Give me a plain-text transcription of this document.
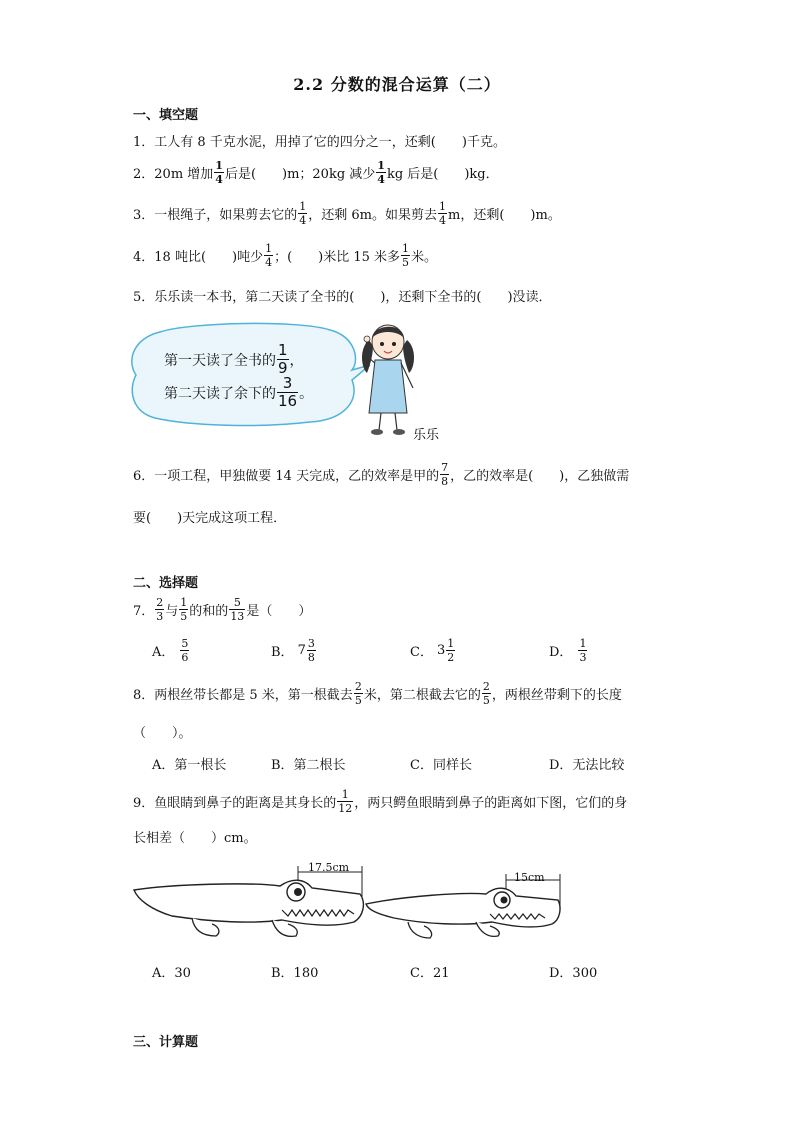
2.2 分数的混合运算（二）
一、填空题
1．工人有 8 千克水泥，用掉了它的四分之一，还剩(　　)千克。
2．20m 增加 $\frac{1}{4}$ 后是(　　)m；20kg 减少 $\frac{1}{4}$ kg 后是(　　)kg．
3．一根绳子，如果剪去它的 $\frac{1}{4}$ ，还剩 6m。如果剪去 $\frac{1}{4}$ m，还剩(　　)m。
4．18 吨比(　　)吨少 $\frac{1}{4}$ ；(　　)米比 15 米多 $\frac{1}{5}$ 米。
5．乐乐读一本书，第二天读了全书的(　　)，还剩下全书的(　　)没读．
第一天读了全书的 $\frac{1}{9}$ ，
第二天读了余下的 $\frac{3}{16}$ 。
乐乐
6．一项工程，甲独做要 14 天完成，乙的效率是甲的 $\frac{7}{8}$ ，乙的效率是(　　)，乙独做需
要(　　)天完成这项工程．
二、选择题
7． $\frac{2}{3}$ 与 $\frac{1}{5}$ 的和的 $\frac{5}{13}$ 是（　　）
A． $\frac{5}{6}$	B． $7 \frac{3}{8}$	C． $3 \frac{1}{2}$	D． $\frac{1}{3}$
8．两根丝带长都是 5 米，第一根截去 $\frac{2}{5}$ 米，第二根截去它的 $\frac{2}{5}$ ，两根丝带剩下的长度
（　　）。
A．第一根长	B．第二根长	C．同样长	D．无法比较
9．鱼眼睛到鼻子的距离是其身长的 $\frac{1}{12}$ ，两只鳄鱼眼睛到鼻子的距离如下图，它们的身
长相差（　　）cm。
17.5cm
15cm
A．30	B．180	C．21	D．300
三、计算题
